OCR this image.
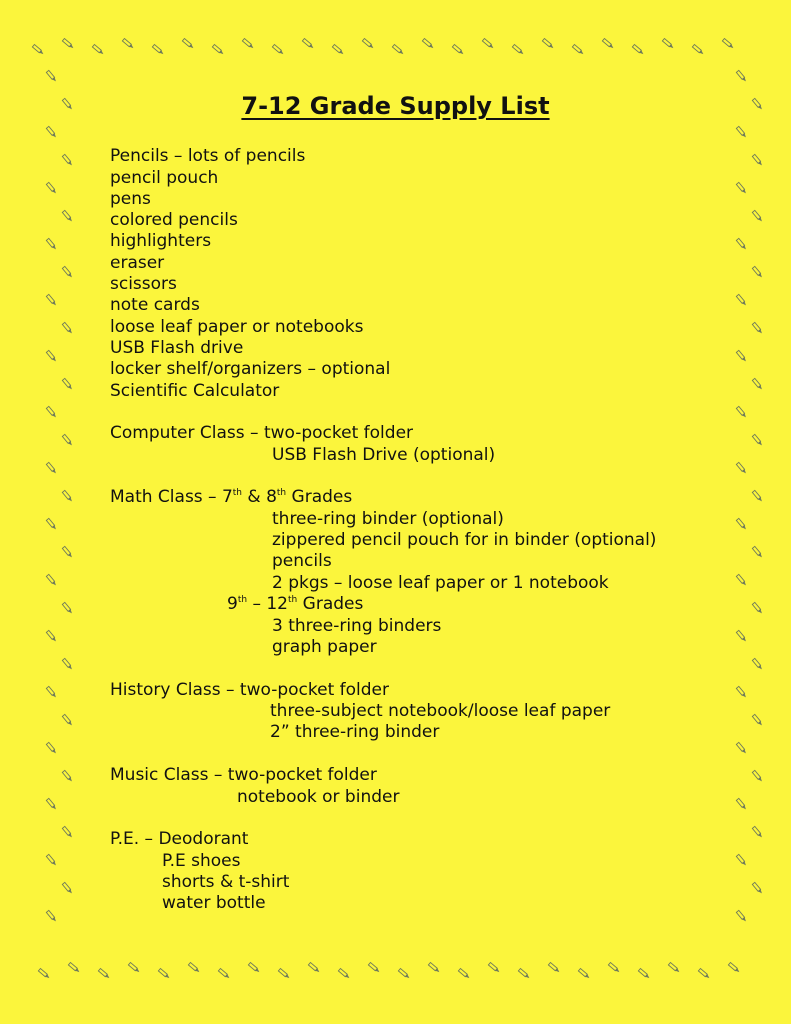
7-12 Grade Supply List
Pencils – lots of pencils
pencil pouch
pens
colored pencils
highlighters
eraser
scissors
note cards
loose leaf paper or notebooks
USB Flash drive
locker shelf/organizers – optional
Scientific Calculator
Computer Class – two-pocket folder
USB Flash Drive (optional)
Math Class – 7th & 8th Grades
three-ring binder (optional)
zippered pencil pouch for in binder (optional)
pencils
2 pkgs – loose leaf paper or 1 notebook
9th – 12th Grades
3 three-ring binders
graph paper
History Class – two-pocket folder
three-subject notebook/loose leaf paper
2” three-ring binder
Music Class – two-pocket folder
notebook or binder
P.E. – Deodorant
P.E shoes
shorts & t-shirt
water bottle
